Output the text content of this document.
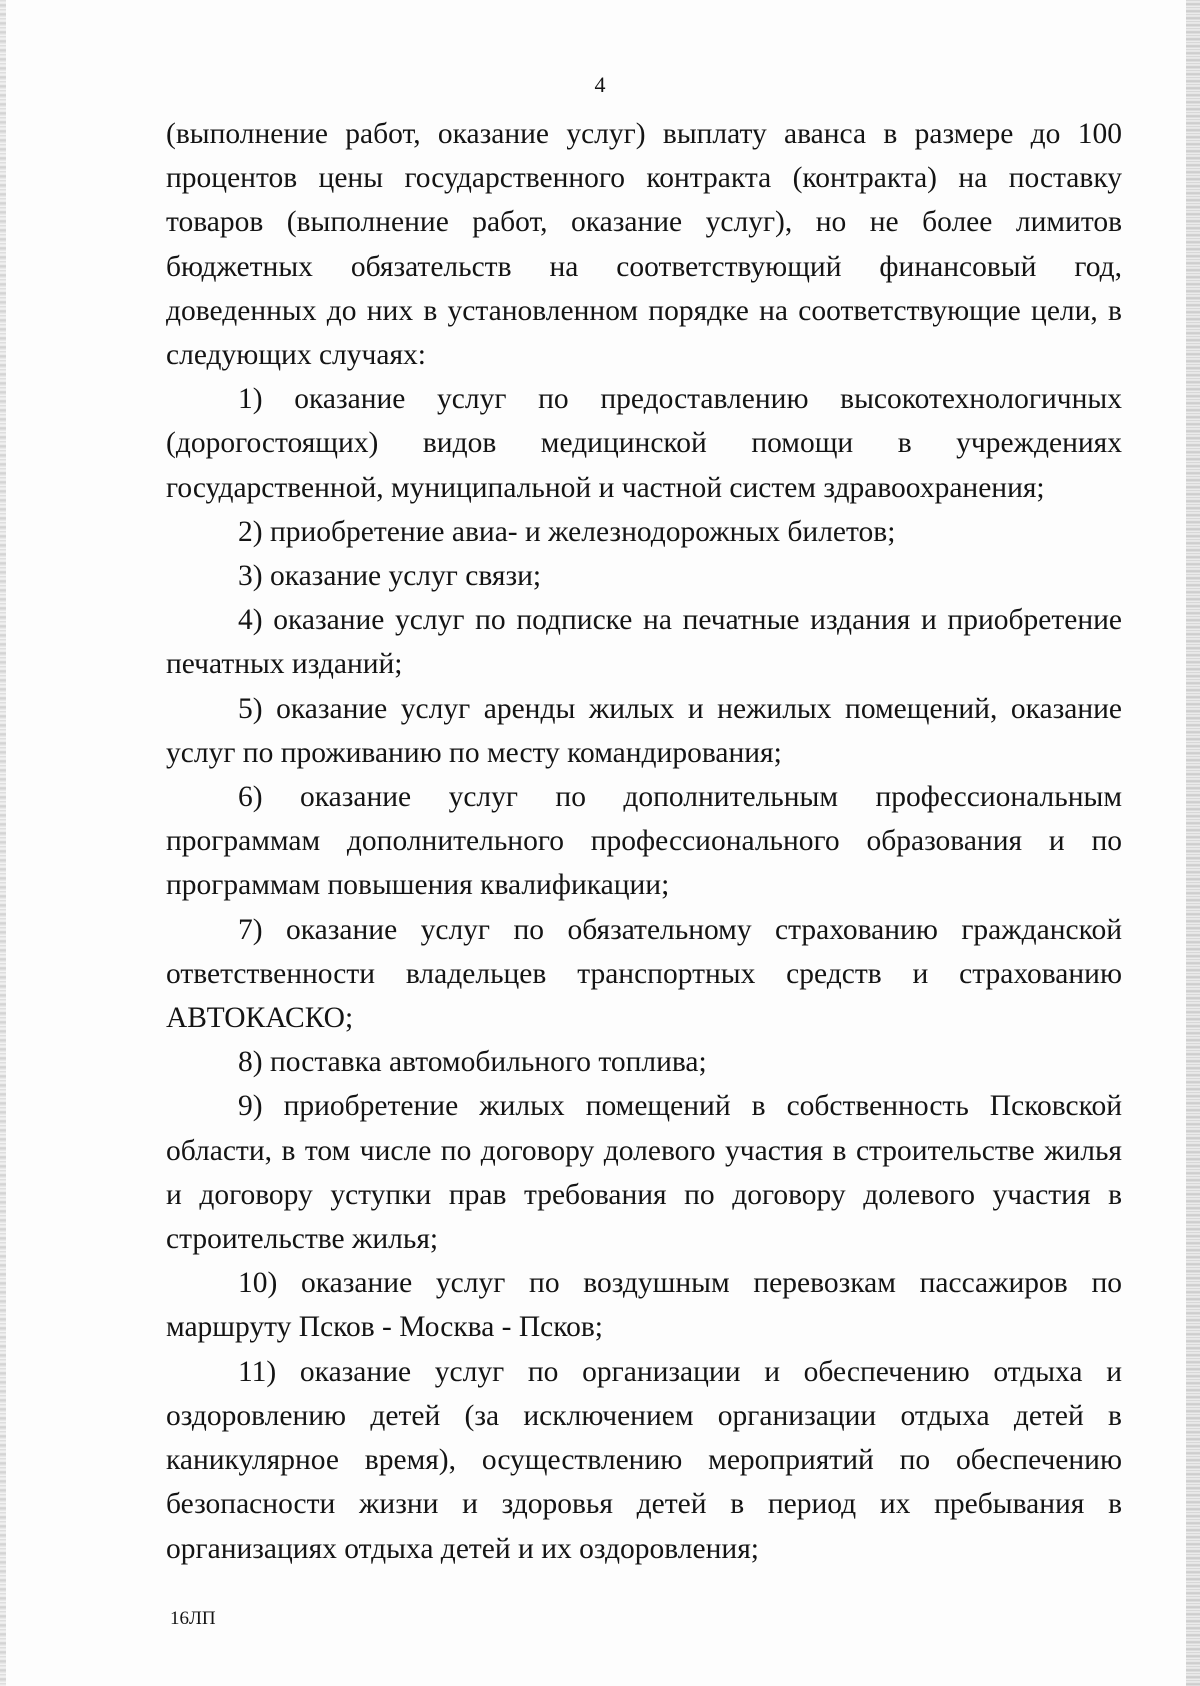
4

(выполнение работ, оказание услуг) выплату аванса в размере до 100 процентов цены государственного контракта (контракта) на поставку товаров (выполнение работ, оказание услуг), но не более лимитов бюджетных обязательств на соответствующий финансовый год, доведенных до них в установленном порядке на соответствующие цели, в следующих случаях:

1) оказание услуг по предоставлению высокотехнологичных (дорогостоящих) видов медицинской помощи в учреждениях государственной, муниципальной и частной систем здравоохранения;

2) приобретение авиа- и железнодорожных билетов;

3) оказание услуг связи;

4) оказание услуг по подписке на печатные издания и приобретение печатных изданий;

5) оказание услуг аренды жилых и нежилых помещений, оказание услуг по проживанию по месту командирования;

6) оказание услуг по дополнительным профессиональным программам дополнительного профессионального образования и по программам повышения квалификации;

7) оказание услуг по обязательному страхованию гражданской ответственности владельцев транспортных средств и страхованию АВТОКАСКО;

8) поставка автомобильного топлива;

9) приобретение жилых помещений в собственность Псковской области, в том числе по договору долевого участия в строительстве жилья и договору уступки прав требования по договору долевого участия в строительстве жилья;

10) оказание услуг по воздушным перевозкам пассажиров по маршруту Псков - Москва - Псков;

11) оказание услуг по организации и обеспечению отдыха и оздоровлению детей (за исключением организации отдыха детей в каникулярное время), осуществлению мероприятий по обеспечению безопасности жизни и здоровья детей в период их пребывания в организациях отдыха детей и их оздоровления;

16ЛП
